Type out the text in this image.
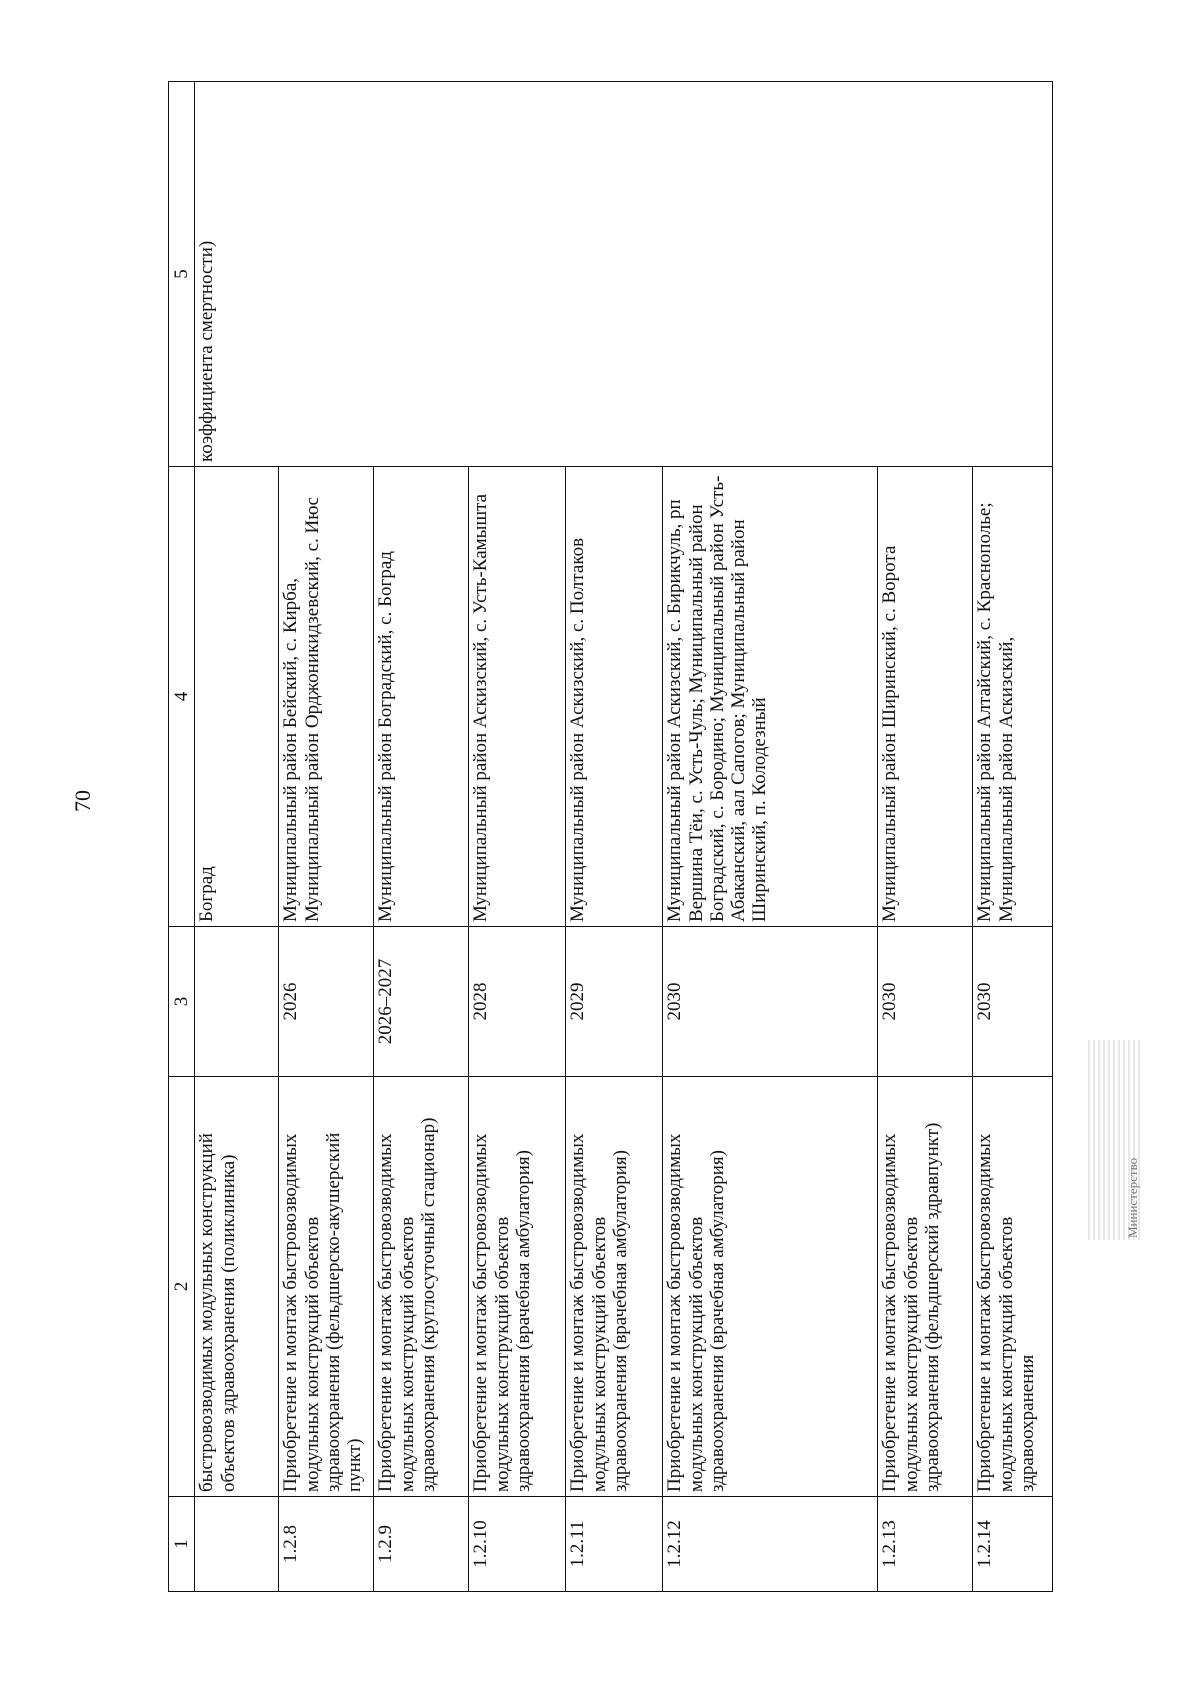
70
1	2	3	4	5
	быстровозводимых модульных конструкций объектов здравоохранения (поликлиника)		Боград	коэффициента смертности)
1.2.8	Приобретение и монтаж быстровозводимых модульных конструкций объектов здравоохранения (фельдшерско-акушерский пункт)	2026	Муниципальный район Бейский, с. Кирба, Муниципальный район Орджоникидзевский, с. Июс	
1.2.9	Приобретение и монтаж быстровозводимых модульных конструкций объектов здравоохранения (круглосуточный стационар)	2026–2027	Муниципальный район Боградский, с. Боград	
1.2.10	Приобретение и монтаж быстровозводимых модульных конструкций объектов здравоохранения (врачебная амбулатория)	2028	Муниципальный район Аскизский, с. Усть-Камышта	
1.2.11	Приобретение и монтаж быстровозводимых модульных конструкций объектов здравоохранения (врачебная амбулатория)	2029	Муниципальный район Аскизский, с. Полтаков	
1.2.12	Приобретение и монтаж быстровозводимых модульных конструкций объектов здравоохранения (врачебная амбулатория)	2030	Муниципальный район Аскизский, с. Бирикчуль, рп Вершина Тёи, с. Усть-Чуль; Муниципальный район Боградский, с. Бородино; Муниципальный район Усть-Абаканский, аал Сапогов; Муниципальный район Ширинский, п. Колодезный	
1.2.13	Приобретение и монтаж быстровозводимых модульных конструкций объектов здравоохранения (фельдшерский здравпункт)	2030	Муниципальный район Ширинский, с. Ворота	
1.2.14	Приобретение и монтаж быстровозводимых модульных конструкций объектов здравоохранения	2030	Муниципальный район Алтайский, с. Краснополье; Муниципальный район Аскизский,	
Министерство
